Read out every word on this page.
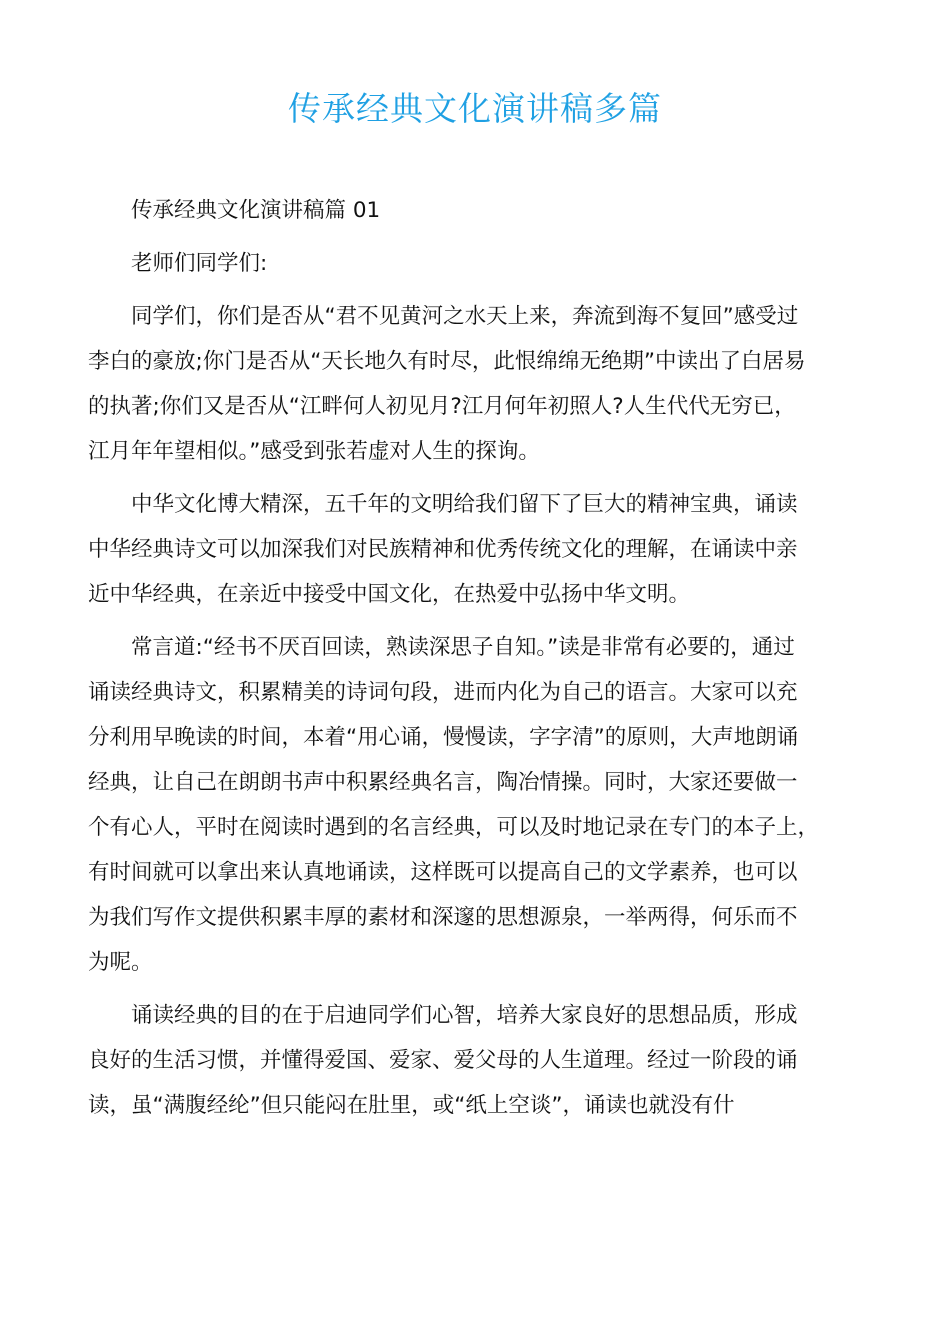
传承经典文化演讲稿多篇
传承经典文化演讲稿篇 01
老师们同学们:
同学们，你们是否从“君不见黄河之水天上来，奔流到海不复回”感受过
李白的豪放;你门是否从“天长地久有时尽，此恨绵绵无绝期”中读出了白居易
的执著;你们又是否从“江畔何人初见月?江月何年初照人?人生代代无穷已，
江月年年望相似。”感受到张若虚对人生的探询。
中华文化博大精深，五千年的文明给我们留下了巨大的精神宝典，诵读
中华经典诗文可以加深我们对民族精神和优秀传统文化的理解，在诵读中亲
近中华经典，在亲近中接受中国文化，在热爱中弘扬中华文明。
常言道:“经书不厌百回读，熟读深思子自知。”读是非常有必要的，通过
诵读经典诗文，积累精美的诗词句段，进而内化为自己的语言。大家可以充
分利用早晚读的时间，本着“用心诵，慢慢读，字字清”的原则，大声地朗诵
经典，让自己在朗朗书声中积累经典名言，陶冶情操。同时，大家还要做一
个有心人，平时在阅读时遇到的名言经典，可以及时地记录在专门的本子上，
有时间就可以拿出来认真地诵读，这样既可以提高自己的文学素养，也可以
为我们写作文提供积累丰厚的素材和深邃的思想源泉，一举两得，何乐而不
为呢。
诵读经典的目的在于启迪同学们心智，培养大家良好的思想品质，形成
良好的生活习惯，并懂得爱国、爱家、爱父母的人生道理。经过一阶段的诵
读，虽“满腹经纶”但只能闷在肚里，或“纸上空谈”，诵读也就没有什
